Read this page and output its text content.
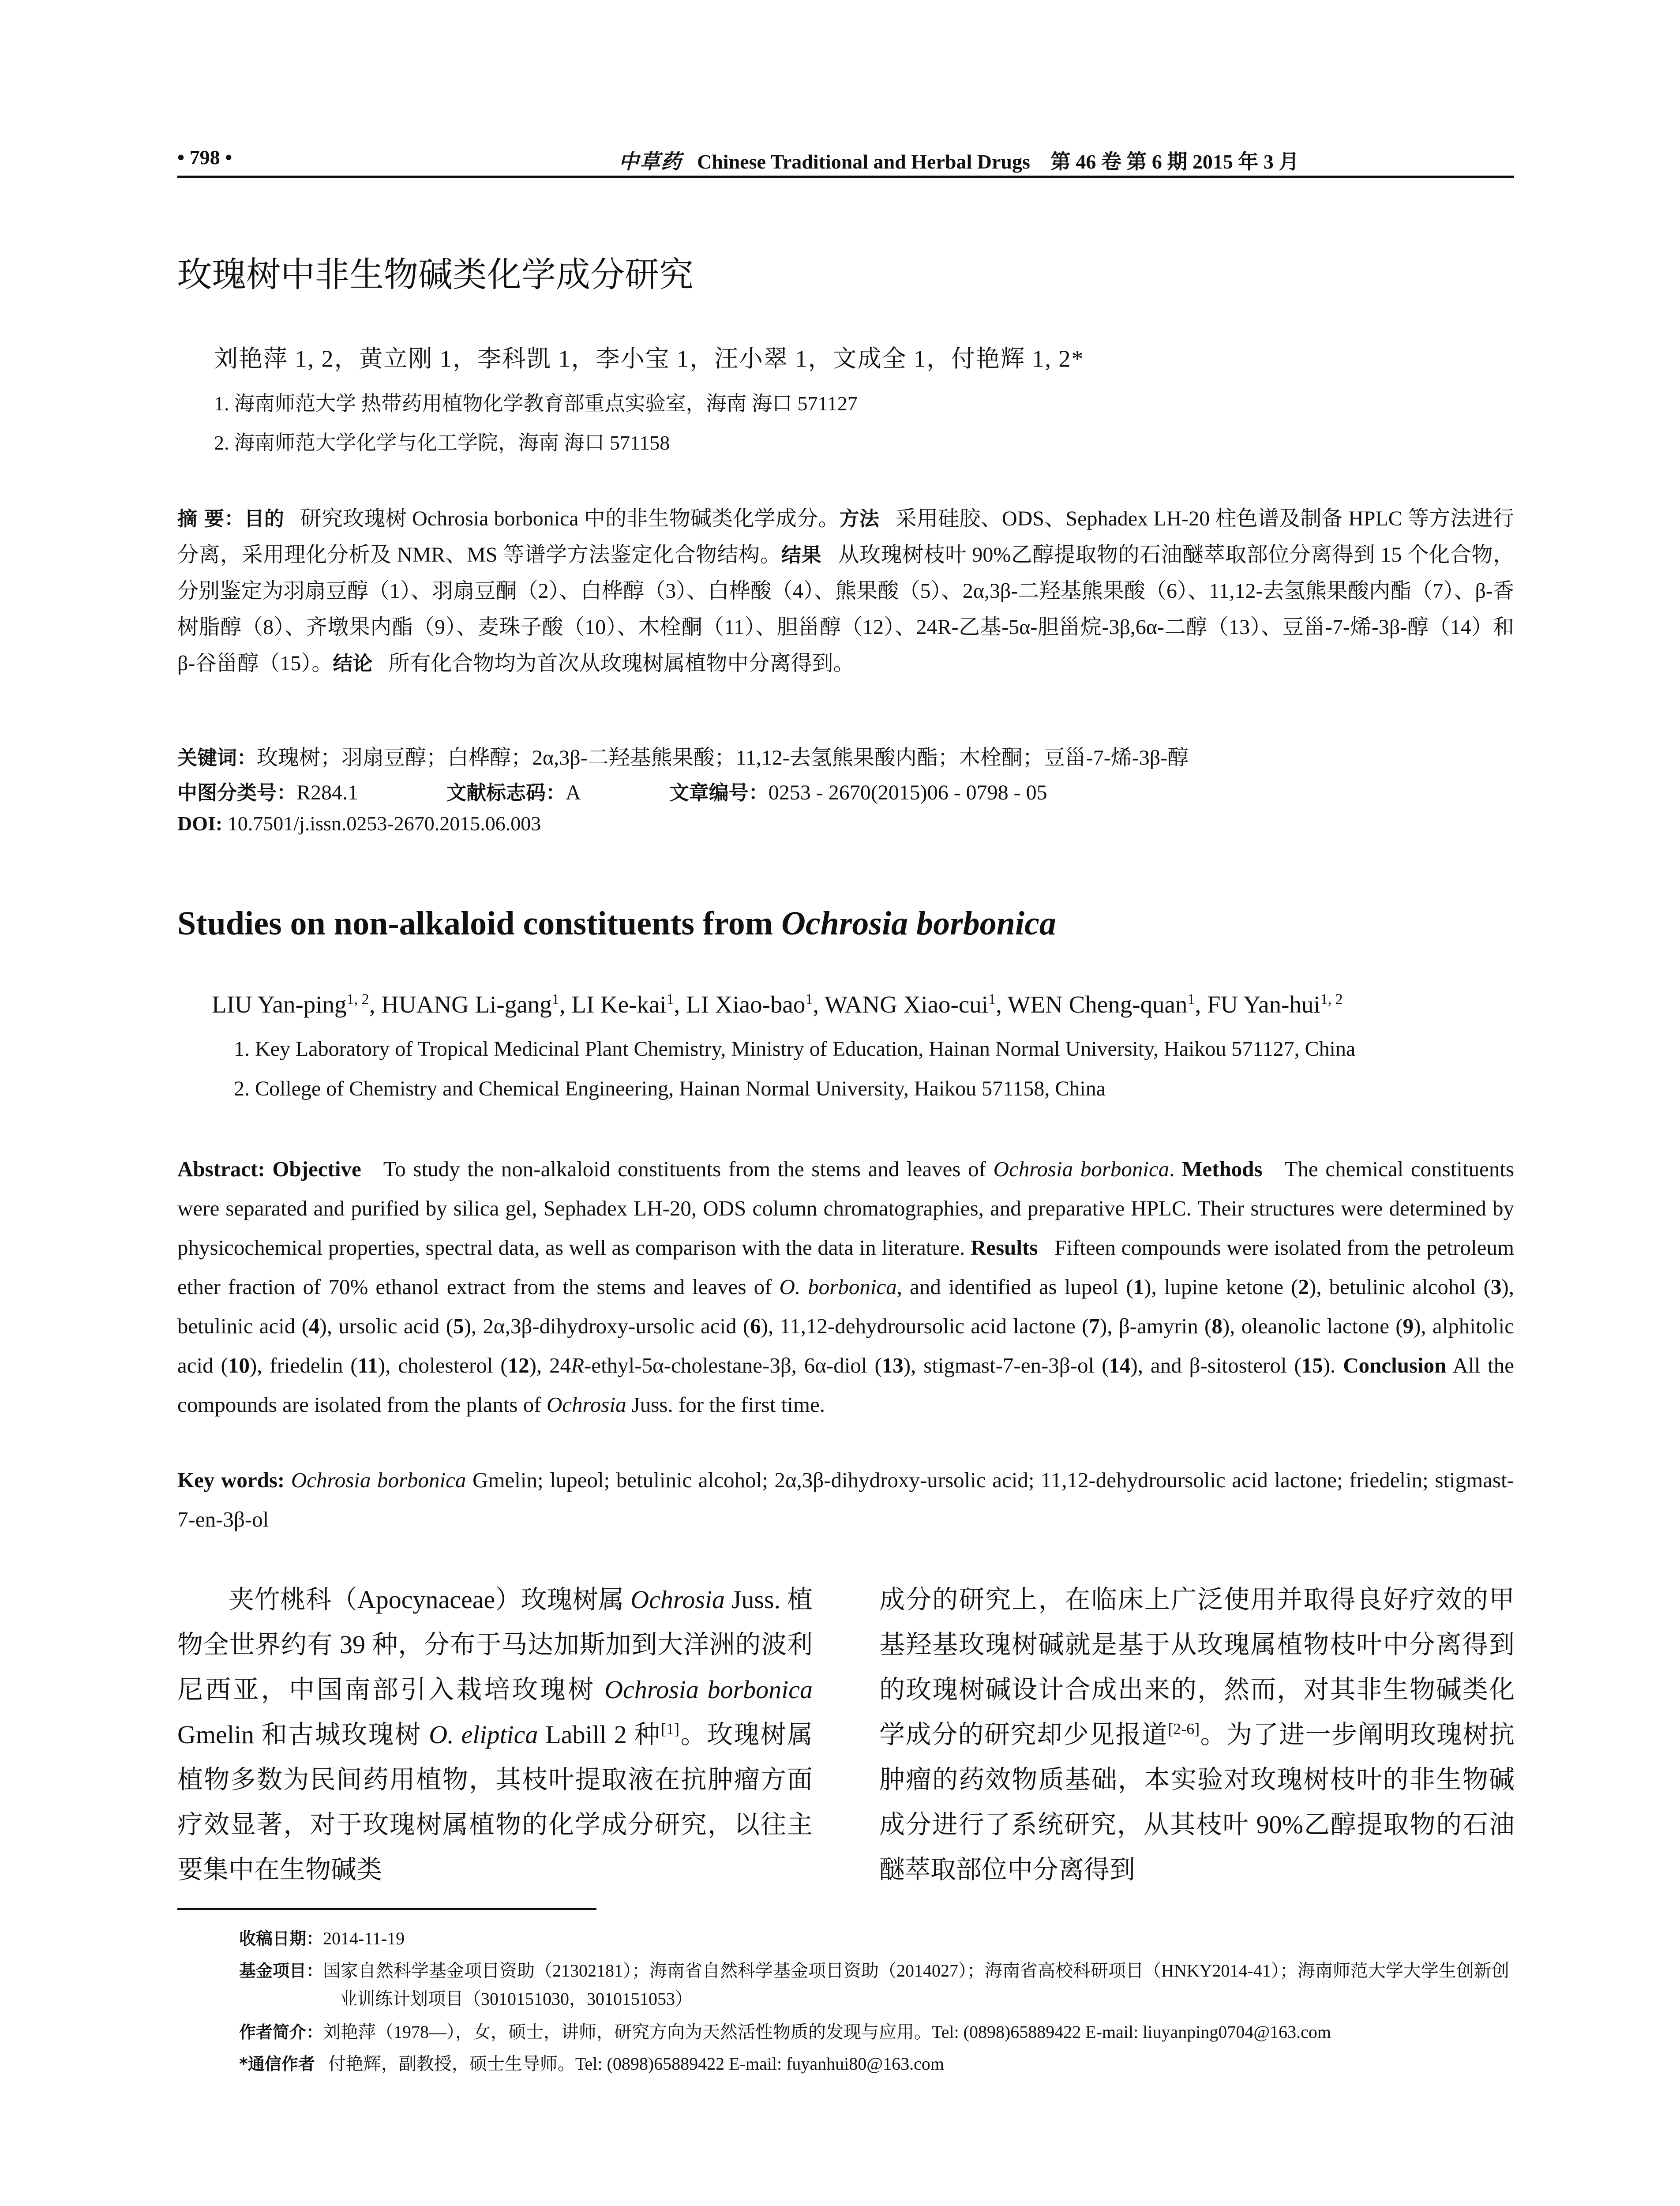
• 798 •	中草药 Chinese Traditional and Herbal Drugs 第 46 卷 第 6 期 2015 年 3 月
玫瑰树中非生物碱类化学成分研究
刘艳萍 1, 2，黄立刚 1，李科凯 1，李小宝 1，汪小翠 1，文成全 1，付艳辉 1, 2*
1. 海南师范大学 热带药用植物化学教育部重点实验室，海南 海口 571127
2. 海南师范大学化学与化工学院，海南 海口 571158
摘 要：目的 研究玫瑰树 Ochrosia borbonica 中的非生物碱类化学成分。方法 采用硅胶、ODS、Sephadex LH-20 柱色谱及制备 HPLC 等方法进行分离，采用理化分析及 NMR、MS 等谱学方法鉴定化合物结构。结果 从玫瑰树枝叶 90%乙醇提取物的石油醚萃取部位分离得到 15 个化合物，分别鉴定为羽扇豆醇（1）、羽扇豆酮（2）、白桦醇（3）、白桦酸（4）、熊果酸（5）、2α,3β-二羟基熊果酸（6）、11,12-去氢熊果酸内酯（7）、β-香树脂醇（8）、齐墩果内酯（9）、麦珠子酸（10）、木栓酮（11）、胆甾醇（12）、24R-乙基-5α-胆甾烷-3β,6α-二醇（13）、豆甾-7-烯-3β-醇（14）和 β-谷甾醇（15）。结论 所有化合物均为首次从玫瑰树属植物中分离得到。
关键词：玫瑰树；羽扇豆醇；白桦醇；2α,3β-二羟基熊果酸；11,12-去氢熊果酸内酯；木栓酮；豆甾-7-烯-3β-醇
中图分类号：R284.1	文献标志码：A	文章编号：0253 - 2670(2015)06 - 0798 - 05
DOI: 10.7501/j.issn.0253-2670.2015.06.003
Studies on non-alkaloid constituents from Ochrosia borbonica
LIU Yan-ping$^{1, 2}$, HUANG Li-gang$^1$, LI Ke-kai$^1$, LI Xiao-bao$^1$, WANG Xiao-cui$^1$, WEN Cheng-quan$^1$, FU Yan-hui$^{1, 2}$
1. Key Laboratory of Tropical Medicinal Plant Chemistry, Ministry of Education, Hainan Normal University, Haikou 571127, China
2. College of Chemistry and Chemical Engineering, Hainan Normal University, Haikou 571158, China
Abstract: Objective To study the non-alkaloid constituents from the stems and leaves of Ochrosia borbonica. Methods The chemical constituents were separated and purified by silica gel, Sephadex LH-20, ODS column chromatographies, and preparative HPLC. Their structures were determined by physicochemical properties, spectral data, as well as comparison with the data in literature. Results Fifteen compounds were isolated from the petroleum ether fraction of 70% ethanol extract from the stems and leaves of O. borbonica, and identified as lupeol (1), lupine ketone (2), betulinic alcohol (3), betulinic acid (4), ursolic acid (5), 2α,3β-dihydroxy-ursolic acid (6), 11,12-dehydroursolic acid lactone (7), β-amyrin (8), oleanolic lactone (9), alphitolic acid (10), friedelin (11), cholesterol (12), 24R-ethyl-5α-cholestane-3β, 6α-diol (13), stigmast-7-en-3β-ol (14), and β-sitosterol (15). Conclusion All the compounds are isolated from the plants of Ochrosia Juss. for the first time.
Key words: Ochrosia borbonica Gmelin; lupeol; betulinic alcohol; 2α,3β-dihydroxy-ursolic acid; 11,12-dehydroursolic acid lactone; friedelin; stigmast-7-en-3β-ol
夹竹桃科（Apocynaceae）玫瑰树属 Ochrosia Juss. 植物全世界约有 39 种，分布于马达加斯加到大洋洲的波利尼西亚，中国南部引入栽培玫瑰树 Ochrosia borbonica Gmelin 和古城玫瑰树 O. eliptica Labill 2 种[1]。玫瑰树属植物多数为民间药用植物，其枝叶提取液在抗肿瘤方面疗效显著，对于玫瑰树属植物的化学成分研究，以往主要集中在生物碱类
成分的研究上，在临床上广泛使用并取得良好疗效的甲基羟基玫瑰树碱就是基于从玫瑰属植物枝叶中分离得到的玫瑰树碱设计合成出来的，然而，对其非生物碱类化学成分的研究却少见报道[2-6]。为了进一步阐明玫瑰树抗肿瘤的药效物质基础，本实验对玫瑰树枝叶的非生物碱成分进行了系统研究，从其枝叶 90%乙醇提取物的石油醚萃取部位中分离得到
收稿日期：2014-11-19
基金项目：国家自然科学基金项目资助（21302181）；海南省自然科学基金项目资助（2014027）；海南省高校科研项目（HNKY2014-41）；海南师范大学大学生创新创业训练计划项目（3010151030，3010151053）
作者简介：刘艳萍（1978—），女，硕士，讲师，研究方向为天然活性物质的发现与应用。Tel: (0898)65889422 E-mail: liuyanping0704@163.com
*通信作者 付艳辉，副教授，硕士生导师。Tel: (0898)65889422 E-mail: fuyanhui80@163.com
